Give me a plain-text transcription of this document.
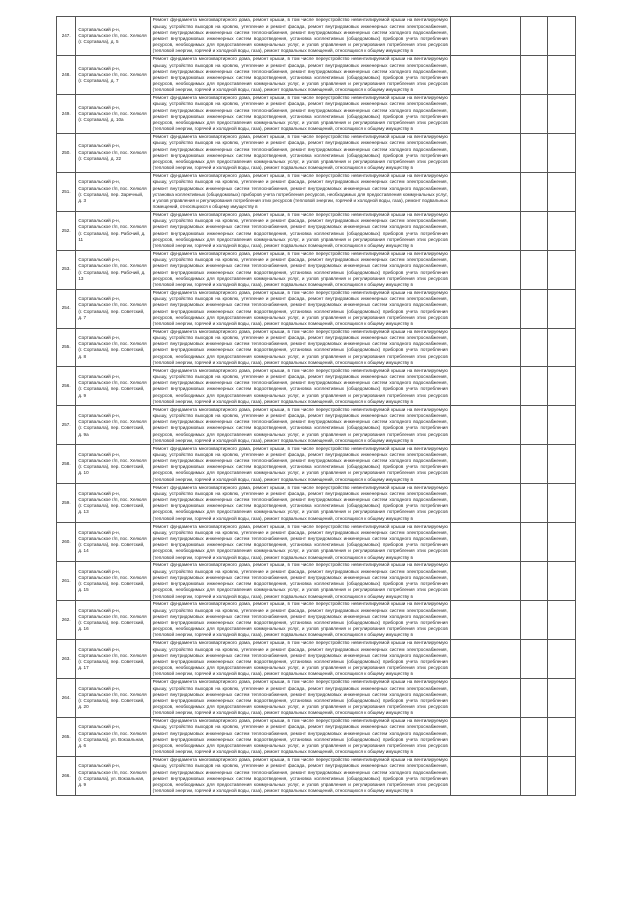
247.	Сортавальский р-н, Сортавальское г/п, пос. Хелюля (г. Сортавала), д. 5	Ремонт фундамента многоквартирного дома, ремонт крыши, в том числе переустройство невентилируемой крыши на вентилируемую крышу, устройство выходов на кровлю, утепление и ремонт фасада, ремонт внутридомовых инженерных систем электроснабжения, ремонт внутридомовых инженерных систем теплоснабжения, ремонт внутридомовых инженерных систем холодного водоснабжения, ремонт внутридомовых инженерных систем водоотведения, установка коллективных (общедомовых) приборов учета потребления ресурсов, необходимых для предоставления коммунальных услуг, и узлов управления и регулирования потребления этих ресурсов (тепловой энергии, горячей и холодной воды, газа), ремонт подвальных помещений, относящихся к общему имуществу в			

248.	Сортавальский р-н, Сортавальское г/п, пос. Хелюля (г. Сортавала), д. 7	Ремонт фундамента многоквартирного дома, ремонт крыши, в том числе переустройство невентилируемой крыши на вентилируемую крышу, устройство выходов на кровлю, утепление и ремонт фасада, ремонт внутридомовых инженерных систем электроснабжения, ремонт внутридомовых инженерных систем теплоснабжения, ремонт внутридомовых инженерных систем холодного водоснабжения, ремонт внутридомовых инженерных систем водоотведения, установка коллективных (общедомовых) приборов учета потребления ресурсов, необходимых для предоставления коммунальных услуг, и узлов управления и регулирования потребления этих ресурсов (тепловой энергии, горячей и холодной воды, газа), ремонт подвальных помещений, относящихся к общему имуществу в			

249.	Сортавальский р-н, Сортавальское г/п, пос. Хелюля (г. Сортавала), д. 10а	Ремонт фундамента многоквартирного дома, ремонт крыши, в том числе переустройство невентилируемой крыши на вентилируемую крышу, устройство выходов на кровлю, утепление и ремонт фасада, ремонт внутридомовых инженерных систем электроснабжения, ремонт внутридомовых инженерных систем теплоснабжения, ремонт внутридомовых инженерных систем холодного водоснабжения, ремонт внутридомовых инженерных систем водоотведения, установка коллективных (общедомовых) приборов учета потребления ресурсов, необходимых для предоставления коммунальных услуг, и узлов управления и регулирования потребления этих ресурсов (тепловой энергии, горячей и холодной воды, газа), ремонт подвальных помещений, относящихся к общему имуществу в			

250.	Сортавальский р-н, Сортавальское г/п, пос. Хелюля (г. Сортавала), д. 22	Ремонт фундамента многоквартирного дома, ремонт крыши, в том числе переустройство невентилируемой крыши на вентилируемую крышу, устройство выходов на кровлю, утепление и ремонт фасада, ремонт внутридомовых инженерных систем электроснабжения, ремонт внутридомовых инженерных систем теплоснабжения, ремонт внутридомовых инженерных систем холодного водоснабжения, ремонт внутридомовых инженерных систем водоотведения, установка коллективных (общедомовых) приборов учета потребления ресурсов, необходимых для предоставления коммунальных услуг, и узлов управления и регулирования потребления этих ресурсов (тепловой энергии, горячей и холодной воды, газа), ремонт подвальных помещений, относящихся к общему имуществу в			

251.	Сортавальский р-н, Сортавальское г/п, пос. Хелюля (г. Сортавала), пер. Заречный, д. 3	Ремонт фундамента многоквартирного дома, ремонт крыши, в том числе переустройство невентилируемой крыши на вентилируемую крышу, устройство выходов на кровлю, утепление и ремонт фасада, ремонт внутридомовых инженерных систем электроснабжения, ремонт внутридомовых инженерных систем теплоснабжения, ремонт внутридомовых инженерных систем холодного водоснабжения, установка коллективных (общедомовых) приборов учета потребления ресурсов, необходимых для предоставления коммунальных услуг, и узлов управления и регулирования потребления этих ресурсов (тепловой энергии, горячей и холодной воды, газа), ремонт подвальных помещений, относящихся к общему имуществу в			

252.	Сортавальский р-н, Сортавальское г/п, пос. Хелюля (г. Сортавала), пер. Рабочий, д. 11	Ремонт фундамента многоквартирного дома, ремонт крыши, в том числе переустройство невентилируемой крыши на вентилируемую крышу, устройство выходов на кровлю, утепление и ремонт фасада, ремонт внутридомовых инженерных систем электроснабжения, ремонт внутридомовых инженерных систем теплоснабжения, ремонт внутридомовых инженерных систем холодного водоснабжения, ремонт внутридомовых инженерных систем водоотведения, установка коллективных (общедомовых) приборов учета потребления ресурсов, необходимых для предоставления коммунальных услуг, и узлов управления и регулирования потребления этих ресурсов (тепловой энергии, горячей и холодной воды, газа), ремонт подвальных помещений, относящихся к общему имуществу в			

253.	Сортавальский р-н, Сортавальское г/п, пос. Хелюля (г. Сортавала), пер. Рабочий, д. 13	Ремонт фундамента многоквартирного дома, ремонт крыши, в том числе переустройство невентилируемой крыши на вентилируемую крышу, устройство выходов на кровлю, утепление и ремонт фасада, ремонт внутридомовых инженерных систем электроснабжения, ремонт внутридомовых инженерных систем теплоснабжения, ремонт внутридомовых инженерных систем холодного водоснабжения, ремонт внутридомовых инженерных систем водоотведения, установка коллективных (общедомовых) приборов учета потребления ресурсов, необходимых для предоставления коммунальных услуг, и узлов управления и регулирования потребления этих ресурсов (тепловой энергии, горячей и холодной воды, газа), ремонт подвальных помещений, относящихся к общему имуществу в			

254.	Сортавальский р-н, Сортавальское г/п, пос. Хелюля (г. Сортавала), пер. Советский, д. 7	Ремонт фундамента многоквартирного дома, ремонт крыши, в том числе переустройство невентилируемой крыши на вентилируемую крышу, устройство выходов на кровлю, утепление и ремонт фасада, ремонт внутридомовых инженерных систем электроснабжения, ремонт внутридомовых инженерных систем теплоснабжения, ремонт внутридомовых инженерных систем холодного водоснабжения, ремонт внутридомовых инженерных систем водоотведения, установка коллективных (общедомовых) приборов учета потребления ресурсов, необходимых для предоставления коммунальных услуг, и узлов управления и регулирования потребления этих ресурсов (тепловой энергии, горячей и холодной воды, газа), ремонт подвальных помещений, относящихся к общему имуществу в			

255.	Сортавальский р-н, Сортавальское г/п, пос. Хелюля (г. Сортавала), пер. Советский, д. 8	Ремонт фундамента многоквартирного дома, ремонт крыши, в том числе переустройство невентилируемой крыши на вентилируемую крышу, устройство выходов на кровлю, утепление и ремонт фасада, ремонт внутридомовых инженерных систем электроснабжения, ремонт внутридомовых инженерных систем теплоснабжения, ремонт внутридомовых инженерных систем холодного водоснабжения, ремонт внутридомовых инженерных систем водоотведения, установка коллективных (общедомовых) приборов учета потребления ресурсов, необходимых для предоставления коммунальных услуг, и узлов управления и регулирования потребления этих ресурсов (тепловой энергии, горячей и холодной воды, газа), ремонт подвальных помещений, относящихся к общему имуществу в			

256.	Сортавальский р-н, Сортавальское г/п, пос. Хелюля (г. Сортавала), пер. Советский, д. 9	Ремонт фундамента многоквартирного дома, ремонт крыши, в том числе переустройство невентилируемой крыши на вентилируемую крышу, устройство выходов на кровлю, утепление и ремонт фасада, ремонт внутридомовых инженерных систем электроснабжения, ремонт внутридомовых инженерных систем теплоснабжения, ремонт внутридомовых инженерных систем холодного водоснабжения, ремонт внутридомовых инженерных систем водоотведения, установка коллективных (общедомовых) приборов учета потребления ресурсов, необходимых для предоставления коммунальных услуг, и узлов управления и регулирования потребления этих ресурсов (тепловой энергии, горячей и холодной воды, газа), ремонт подвальных помещений, относящихся к общему имуществу в			

257.	Сортавальский р-н, Сортавальское г/п, пос. Хелюля (г. Сортавала), пер. Советский, д. 9а	Ремонт фундамента многоквартирного дома, ремонт крыши, в том числе переустройство невентилируемой крыши на вентилируемую крышу, устройство выходов на кровлю, утепление и ремонт фасада, ремонт внутридомовых инженерных систем электроснабжения, ремонт внутридомовых инженерных систем теплоснабжения, ремонт внутридомовых инженерных систем холодного водоснабжения, ремонт внутридомовых инженерных систем водоотведения, установка коллективных (общедомовых) приборов учета потребления ресурсов, необходимых для предоставления коммунальных услуг, и узлов управления и регулирования потребления этих ресурсов (тепловой энергии, горячей и холодной воды, газа), ремонт подвальных помещений, относящихся к общему имуществу в			

258.	Сортавальский р-н, Сортавальское г/п, пос. Хелюля (г. Сортавала), пер. Советский, д. 10	Ремонт фундамента многоквартирного дома, ремонт крыши, в том числе переустройство невентилируемой крыши на вентилируемую крышу, устройство выходов на кровлю, утепление и ремонт фасада, ремонт внутридомовых инженерных систем электроснабжения, ремонт внутридомовых инженерных систем теплоснабжения, ремонт внутридомовых инженерных систем холодного водоснабжения, ремонт внутридомовых инженерных систем водоотведения, установка коллективных (общедомовых) приборов учета потребления ресурсов, необходимых для предоставления коммунальных услуг, и узлов управления и регулирования потребления этих ресурсов (тепловой энергии, горячей и холодной воды, газа), ремонт подвальных помещений, относящихся к общему имуществу в			

259.	Сортавальский р-н, Сортавальское г/п, пос. Хелюля (г. Сортавала), пер. Советский, д. 13	Ремонт фундамента многоквартирного дома, ремонт крыши, в том числе переустройство невентилируемой крыши на вентилируемую крышу, устройство выходов на кровлю, утепление и ремонт фасада, ремонт внутридомовых инженерных систем электроснабжения, ремонт внутридомовых инженерных систем теплоснабжения, ремонт внутридомовых инженерных систем холодного водоснабжения, ремонт внутридомовых инженерных систем водоотведения, установка коллективных (общедомовых) приборов учета потребления ресурсов, необходимых для предоставления коммунальных услуг, и узлов управления и регулирования потребления этих ресурсов (тепловой энергии, горячей и холодной воды, газа), ремонт подвальных помещений, относящихся к общему имуществу в			

260.	Сортавальский р-н, Сортавальское г/п, пос. Хелюля (г. Сортавала), пер. Советский, д. 14	Ремонт фундамента многоквартирного дома, ремонт крыши, в том числе переустройство невентилируемой крыши на вентилируемую крышу, устройство выходов на кровлю, утепление и ремонт фасада, ремонт внутридомовых инженерных систем электроснабжения, ремонт внутридомовых инженерных систем теплоснабжения, ремонт внутридомовых инженерных систем холодного водоснабжения, ремонт внутридомовых инженерных систем водоотведения, установка коллективных (общедомовых) приборов учета потребления ресурсов, необходимых для предоставления коммунальных услуг, и узлов управления и регулирования потребления этих ресурсов (тепловой энергии, горячей и холодной воды, газа), ремонт подвальных помещений, относящихся к общему имуществу в			

261.	Сортавальский р-н, Сортавальское г/п, пос. Хелюля (г. Сортавала), пер. Советский, д. 15	Ремонт фундамента многоквартирного дома, ремонт крыши, в том числе переустройство невентилируемой крыши на вентилируемую крышу, устройство выходов на кровлю, утепление и ремонт фасада, ремонт внутридомовых инженерных систем электроснабжения, ремонт внутридомовых инженерных систем теплоснабжения, ремонт внутридомовых инженерных систем холодного водоснабжения, ремонт внутридомовых инженерных систем водоотведения, установка коллективных (общедомовых) приборов учета потребления ресурсов, необходимых для предоставления коммунальных услуг, и узлов управления и регулирования потребления этих ресурсов (тепловой энергии, горячей и холодной воды, газа), ремонт подвальных помещений, относящихся к общему имуществу в			

262.	Сортавальский р-н, Сортавальское г/п, пос. Хелюля (г. Сортавала), пер. Советский, д. 16	Ремонт фундамента многоквартирного дома, ремонт крыши, в том числе переустройство невентилируемой крыши на вентилируемую крышу, устройство выходов на кровлю, утепление и ремонт фасада, ремонт внутридомовых инженерных систем электроснабжения, ремонт внутридомовых инженерных систем теплоснабжения, ремонт внутридомовых инженерных систем холодного водоснабжения, ремонт внутридомовых инженерных систем водоотведения, установка коллективных (общедомовых) приборов учета потребления ресурсов, необходимых для предоставления коммунальных услуг, и узлов управления и регулирования потребления этих ресурсов (тепловой энергии, горячей и холодной воды, газа), ремонт подвальных помещений, относящихся к общему имуществу в			

263.	Сортавальский р-н, Сортавальское г/п, пос. Хелюля (г. Сортавала), пер. Советский, д. 17	Ремонт фундамента многоквартирного дома, ремонт крыши, в том числе переустройство невентилируемой крыши на вентилируемую крышу, устройство выходов на кровлю, утепление и ремонт фасада, ремонт внутридомовых инженерных систем электроснабжения, ремонт внутридомовых инженерных систем теплоснабжения, ремонт внутридомовых инженерных систем холодного водоснабжения, ремонт внутридомовых инженерных систем водоотведения, установка коллективных (общедомовых) приборов учета потребления ресурсов, необходимых для предоставления коммунальных услуг, и узлов управления и регулирования потребления этих ресурсов (тепловой энергии, горячей и холодной воды, газа), ремонт подвальных помещений, относящихся к общему имуществу в			

264.	Сортавальский р-н, Сортавальское г/п, пос. Хелюля (г. Сортавала), пер. Советский, д. 20	Ремонт фундамента многоквартирного дома, ремонт крыши, в том числе переустройство невентилируемой крыши на вентилируемую крышу, устройство выходов на кровлю, утепление и ремонт фасада, ремонт внутридомовых инженерных систем электроснабжения, ремонт внутридомовых инженерных систем теплоснабжения, ремонт внутридомовых инженерных систем холодного водоснабжения, ремонт внутридомовых инженерных систем водоотведения, установка коллективных (общедомовых) приборов учета потребления ресурсов, необходимых для предоставления коммунальных услуг, и узлов управления и регулирования потребления этих ресурсов (тепловой энергии, горячей и холодной воды, газа), ремонт подвальных помещений, относящихся к общему имуществу в			

265.	Сортавальский р-н, Сортавальское г/п, пос. Хелюля (г. Сортавала), ул. Вокзальная, д. 6	Ремонт фундамента многоквартирного дома, ремонт крыши, в том числе переустройство невентилируемой крыши на вентилируемую крышу, устройство выходов на кровлю, утепление и ремонт фасада, ремонт внутридомовых инженерных систем электроснабжения, ремонт внутридомовых инженерных систем теплоснабжения, ремонт внутридомовых инженерных систем холодного водоснабжения, ремонт внутридомовых инженерных систем водоотведения, установка коллективных (общедомовых) приборов учета потребления ресурсов, необходимых для предоставления коммунальных услуг, и узлов управления и регулирования потребления этих ресурсов (тепловой энергии, горячей и холодной воды, газа), ремонт подвальных помещений, относящихся к общему имуществу в			

266.	Сортавальский р-н, Сортавальское г/п, пос. Хелюля (г. Сортавала), ул. Вокзальная, д. 9	Ремонт фундамента многоквартирного дома, ремонт крыши, в том числе переустройство невентилируемой крыши на вентилируемую крышу, устройство выходов на кровлю, утепление и ремонт фасада, ремонт внутридомовых инженерных систем электроснабжения, ремонт внутридомовых инженерных систем теплоснабжения, ремонт внутридомовых инженерных систем холодного водоснабжения, ремонт внутридомовых инженерных систем водоотведения, установка коллективных (общедомовых) приборов учета потребления ресурсов, необходимых для предоставления коммунальных услуг, и узлов управления и регулирования потребления этих ресурсов (тепловой энергии, горячей и холодной воды, газа), ремонт подвальных помещений, относящихся к общему имуществу в			
